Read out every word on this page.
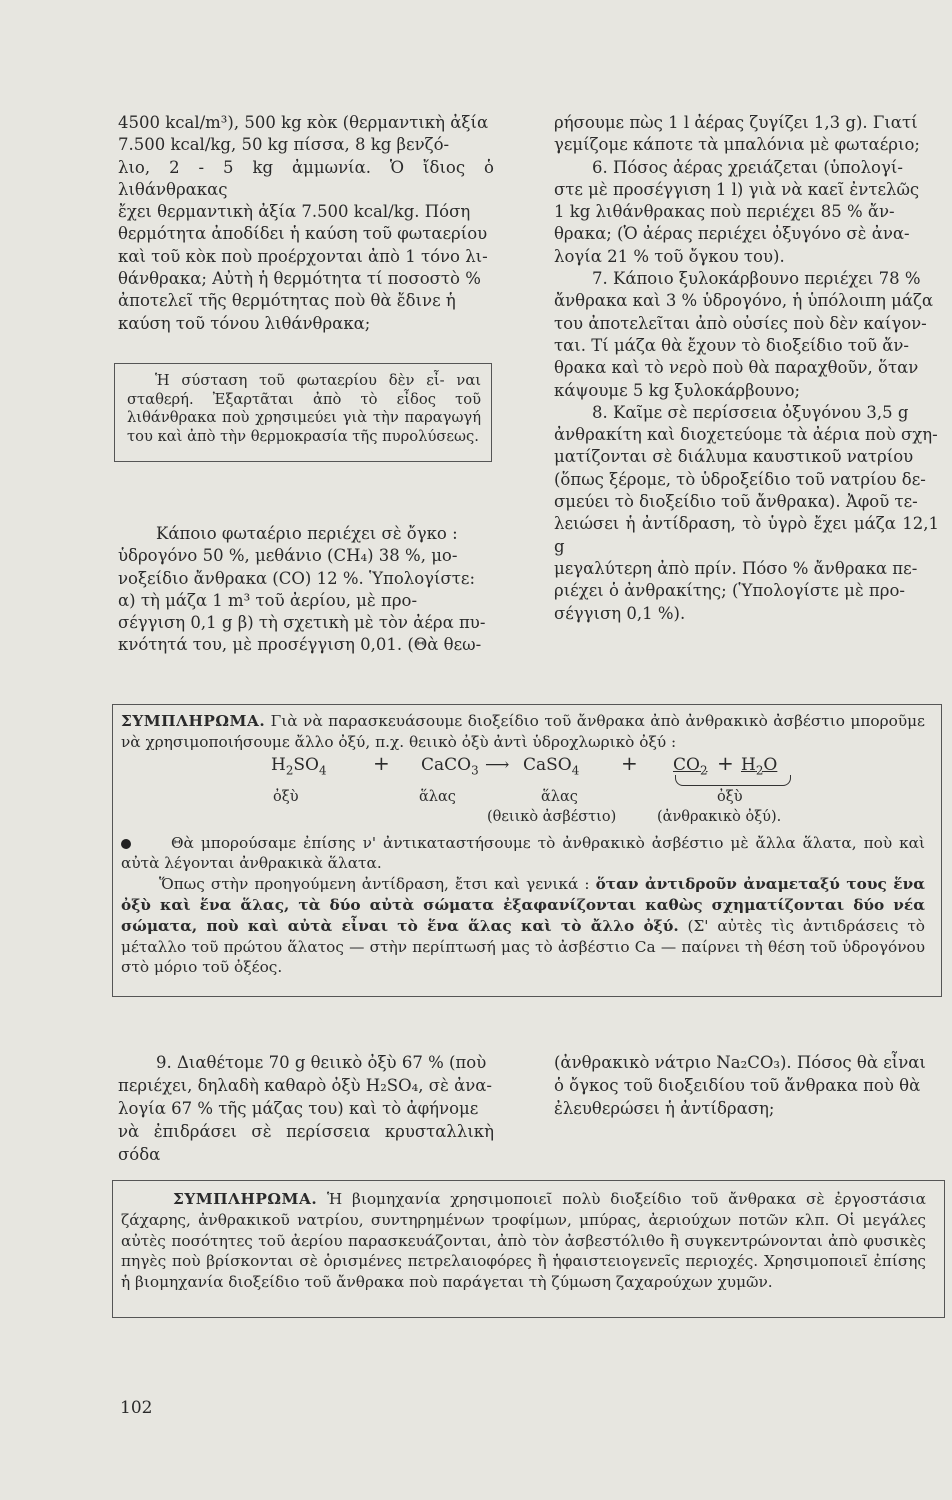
4500 kcal/m³), 500 kg κὸκ (θερμαντικὴ ἀξία
7.500 kcal/kg, 50 kg πίσσα, 8 kg βενζό-
λιο, 2 - 5 kg ἀμμωνία. Ὁ ἴδιος ὁ λιθάνθρακας
ἔχει θερμαντικὴ ἀξία 7.500 kcal/kg. Πόση
θερμότητα ἀποδίδει ἡ καύση τοῦ φωταερίου
καὶ τοῦ κὸκ ποὺ προέρχονται ἀπὸ 1 τόνο λι-
θάνθρακα; Αὐτὴ ἡ θερμότητα τί ποσοστὸ %
ἀποτελεῖ τῆς θερμότητας ποὺ θὰ ἔδινε ἡ
καύση τοῦ τόνου λιθάνθρακα;

Ἡ σύσταση τοῦ φωταερίου δὲν εἶ- ναι σταθερή. Ἐξαρτᾶται ἀπὸ τὸ εἶδος τοῦ λιθάνθρακα ποὺ χρησιμεύει γιὰ τὴν παραγωγή του καὶ ἀπὸ τὴν θερμοκρασία τῆς πυρολύσεως.

Κάποιο φωταέριο περιέχει σὲ ὄγκο :
ὑδρογόνο 50 %, μεθάνιο (CH₄) 38 %, μο-
νοξείδιο ἄνθρακα (CO) 12 %. Ὑπολογίστε:
α) τὴ μάζα 1 m³ τοῦ ἀερίου, μὲ προ-
σέγγιση 0,1 g β) τὴ σχετικὴ μὲ τὸν ἀέρα πυ-
κνότητά του, μὲ προσέγγιση 0,01. (Θὰ θεω-
ρήσουμε πὼς 1 l ἀέρας ζυγίζει 1,3 g). Γιατί
γεμίζομε κάποτε τὰ μπαλόνια μὲ φωταέριο;
6. Πόσος ἀέρας χρειάζεται (ὑπολογί-
στε μὲ προσέγγιση 1 l) γιὰ νὰ καεῖ ἐντελῶς
1 kg λιθάνθρακας ποὺ περιέχει 85 % ἄν-
θρακα; (Ὁ ἀέρας περιέχει ὀξυγόνο σὲ ἀνα-
λογία 21 % τοῦ ὄγκου του).
7. Κάποιο ξυλοκάρβουνο περιέχει 78 %
ἄνθρακα καὶ 3 % ὑδρογόνο, ἡ ὑπόλοιπη μάζα
του ἀποτελεῖται ἀπὸ οὐσίες ποὺ δὲν καίγον-
ται. Τί μάζα θὰ ἔχουν τὸ διοξείδιο τοῦ ἄν-
θρακα καὶ τὸ νερὸ ποὺ θὰ παραχθοῦν, ὅταν
κάψουμε 5 kg ξυλοκάρβουνο;
8. Καῖμε σὲ περίσσεια ὀξυγόνου 3,5 g
ἀνθρακίτη καὶ διοχετεύομε τὰ ἀέρια ποὺ σχη-
ματίζονται σὲ διάλυμα καυστικοῦ νατρίου
(ὅπως ξέρομε, τὸ ὑδροξείδιο τοῦ νατρίου δε-
σμεύει τὸ διοξείδιο τοῦ ἄνθρακα). Ἀφοῦ τε-
λειώσει ἡ ἀντίδραση, τὸ ὑγρὸ ἔχει μάζα 12,1 g
μεγαλύτερη ἀπὸ πρίν. Πόσο % ἄνθρακα πε-
ριέχει ὁ ἀνθρακίτης; (Ὑπολογίστε μὲ προ-
σέγγιση 0,1 %).

ΣΥΜΠΛΗΡΩΜΑ. Γιὰ νὰ παρασκευάσουμε διοξείδιο τοῦ ἄνθρακα ἀπὸ ἀνθρακικὸ ἀσβέστιο μποροῦμε νὰ χρησιμοποιήσουμε ἄλλο ὀξύ, π.χ. θειικὸ ὀξὺ ἀντὶ ὑδροχλωρικὸ ὀξύ :

$H_2SO_4$ + CaCO$_3$ ⟶ CaSO$_4$ + $CO_2 + H_2O$
ὀξὺ	ἅλας	ἅλας	ὀξὺ
(θειικὸ ἀσβέστιο)	(ἀνθρακικὸ ὀξύ).

Θὰ μπορούσαμε ἐπίσης ν' ἀντικαταστήσουμε τὸ ἀνθρακικὸ ἀσβέστιο μὲ ἄλλα ἅλατα, ποὺ καὶ αὐτὰ λέγονται ἀνθρακικὰ ἅλατα.

Ὅπως στὴν προηγούμενη ἀντίδραση, ἔτσι καὶ γενικά : ὅταν ἀντιδροῦν ἀναμεταξύ τους ἕνα ὀξὺ καὶ ἕνα ἅλας, τὰ δύο αὐτὰ σώματα ἐξαφανίζονται καθὼς σχηματίζονται δύο νέα σώματα, ποὺ καὶ αὐτὰ εἶναι τὸ ἕνα ἅλας καὶ τὸ ἄλλο ὀξύ. (Σ' αὐτὲς τὶς ἀντιδράσεις τὸ μέταλλο τοῦ πρώτου ἅλατος — στὴν περίπτωσή μας τὸ ἀσβέστιο Ca — παίρνει τὴ θέση τοῦ ὑδρογόνου στὸ μόριο τοῦ ὀξέος.

9. Διαθέτομε 70 g θειικὸ ὀξὺ 67 % (ποὺ
περιέχει, δηλαδὴ καθαρὸ ὀξὺ H₂SO₄, σὲ ἀνα-
λογία 67 % τῆς μάζας του) καὶ τὸ ἀφήνομε
νὰ ἐπιδράσει σὲ περίσσεια κρυσταλλικὴ σόδα
(ἀνθρακικὸ νάτριο Na₂CO₃). Πόσος θὰ εἶναι
ὁ ὄγκος τοῦ διοξειδίου τοῦ ἄνθρακα ποὺ θὰ
ἐλευθερώσει ἡ ἀντίδραση;

ΣΥΜΠΛΗΡΩΜΑ. Ἡ βιομηχανία χρησιμοποιεῖ πολὺ διοξείδιο τοῦ ἄνθρακα σὲ ἐργοστάσια ζάχαρης, ἀνθρακικοῦ νατρίου, συντηρημένων τροφίμων, μπύρας, ἀεριούχων ποτῶν κλπ. Οἱ μεγάλες αὐτὲς ποσότητες τοῦ ἀερίου παρασκευάζονται, ἀπὸ τὸν ἀσβεστόλιθο ἢ συγκεντρώνονται ἀπὸ φυσικὲς πηγὲς ποὺ βρίσκονται σὲ ὁρισμένες πετρελαιοφόρες ἢ ἡφαιστειογενεῖς περιοχές. Χρησιμοποιεῖ ἐπίσης ἡ βιομηχανία διοξείδιο τοῦ ἄνθρακα ποὺ παράγεται τὴ ζύμωση ζαχαρούχων χυμῶν.

102
